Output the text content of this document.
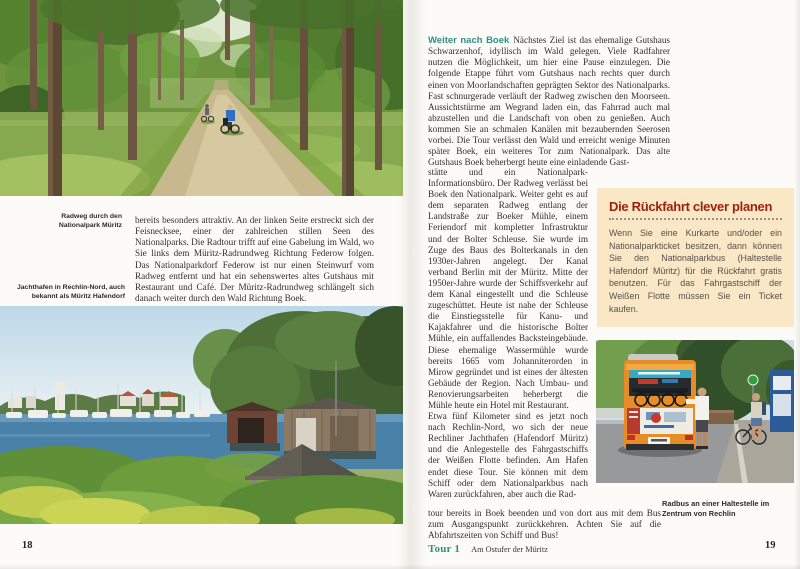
Radweg durch den Nationalpark Müritz

bereits besonders attraktiv. An der linken Seite erstreckt sich der Feisnecksee, einer der zahlreichen stillen Seen des Nationalparks. Die Radtour trifft auf eine Gabelung im Wald, wo Sie links dem Müritz-Radrundweg Richtung Federow folgen. Das Nationalparkdorf Federow ist nur einen Steinwurf vom Radweg entfernt und hat ein sehenswertes altes Gutshaus mit Restaurant und Café. Der Müritz-Radrundweg schlängelt sich danach weiter durch den Wald Richtung Boek.

Jachthafen in Rechlin-Nord, auch bekannt als Müritz Hafendorf
18

Weiter nach Boek Nächstes Ziel ist das ehemalige Gutshaus Schwarzenhof, idyllisch im Wald gelegen. Viele Radfahrer nutzen die Möglichkeit, um hier eine Pause einzulegen. Die folgende Etappe führt vom Gutshaus nach rechts quer durch einen von Moorlandschaften geprägten Sektor des Nationalparks. Fast schnurgerade verläuft der Radweg zwischen den Moorseen. Aussichtstürme am Wegrand laden ein, das Fahrrad auch mal abzustellen und die Landschaft von oben zu genießen. Auch kommen Sie an schmalen Kanälen mit bezaubernden Seerosen vorbei. Die Tour verlässt den Wald und erreicht wenige Minuten später Boek, ein weiteres Tor zum Nationalpark. Das alte Gutshaus Boek beherbergt heute eine einladende Gast-

stätte und ein Nationalpark-Informationsbüro. Der Radweg verlässt bei Boek den Nationalpark. Weiter geht es auf dem separaten Radweg entlang der Landstraße zur Boeker Mühle, einem Feriendorf mit kompletter Infrastruktur und der Bolter Schleuse. Sie wurde im Zuge des Baus des Bolterkanals in den 1930er-Jahren angelegt. Der Kanal verband Berlin mit der Müritz. Mitte der 1950er-Jahre wurde der Schiffsverkehr auf dem Kanal eingestellt und die Schleuse zugeschüttet. Heute ist nahe der Schleuse die Einstiegsstelle für Kanu- und Kajakfahrer und die historische Bolter Mühle, ein auffallendes Backsteingebäude. Diese ehemalige Wassermühle wurde bereits 1665 vom Johanniterorden in Mirow gegründet und ist eines der ältesten Gebäude der Region. Nach Umbau- und Renovierungsarbeiten beherbergt die Mühle heute ein Hotel mit Restaurant.

Etwa fünf Kilometer sind es jetzt noch nach Rechlin-Nord, wo sich der neue Rechliner Jachthafen (Hafendorf Müritz) und die Anlegestelle des Fahrgastschiffs der Weißen Flotte befinden. Am Hafen endet diese Tour. Sie können mit dem Schiff oder dem Nationalparkbus nach Waren zurückfahren, aber auch die Rad-

tour bereits in Boek beenden und von dort aus mit dem Bus zum Ausgangspunkt zurückkehren. Achten Sie auf die Abfahrtszeiten von Schiff und Bus!

Die Rückfahrt clever planen

Wenn Sie eine Kurkarte und/oder ein Nationalparkticket besitzen, dann können Sie den Nationalparkbus (Haltestelle Hafendorf Müritz) für die Rückfahrt gratis benutzen. Für das Fahrgastschiff der Weißen Flotte müssen Sie ein Ticket kaufen.

Radbus an einer Haltestelle im Zentrum von Rechlin
Tour 1 Am Ostufer der Müritz	19
